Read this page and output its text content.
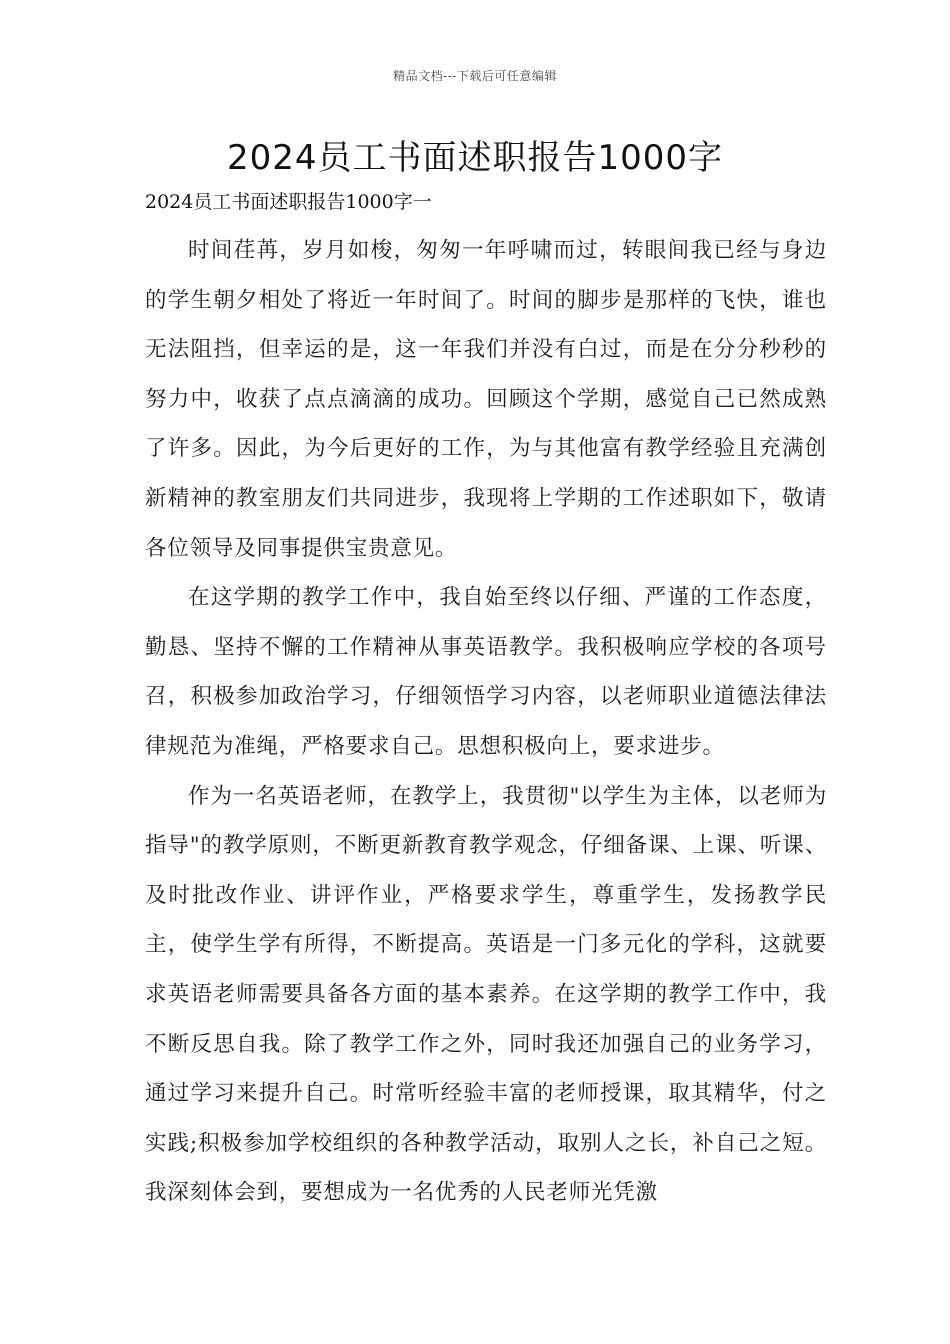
精品文档---下载后可任意编辑
2024员工书面述职报告1000字
2024员工书面述职报告1000字一

时间荏苒，岁月如梭，匆匆一年呼啸而过，转眼间我已经与身边的学生朝夕相处了将近一年时间了。时间的脚步是那样的飞快，谁也无法阻挡，但幸运的是，这一年我们并没有白过，而是在分分秒秒的努力中，收获了点点滴滴的成功。回顾这个学期，感觉自己已然成熟了许多。因此，为今后更好的工作，为与其他富有教学经验且充满创新精神的教室朋友们共同进步，我现将上学期的工作述职如下，敬请各位领导及同事提供宝贵意见。

在这学期的教学工作中，我自始至终以仔细、严谨的工作态度，勤恳、坚持不懈的工作精神从事英语教学。我积极响应学校的各项号召，积极参加政治学习，仔细领悟学习内容，以老师职业道德法律法律规范为准绳，严格要求自己。思想积极向上，要求进步。

作为一名英语老师，在教学上，我贯彻"以学生为主体，以老师为指导"的教学原则，不断更新教育教学观念，仔细备课、上课、听课、及时批改作业、讲评作业，严格要求学生，尊重学生，发扬教学民主，使学生学有所得，不断提高。英语是一门多元化的学科，这就要求英语老师需要具备各方面的基本素养。在这学期的教学工作中，我不断反思自我。除了教学工作之外，同时我还加强自己的业务学习，通过学习来提升自己。时常听经验丰富的老师授课，取其精华，付之实践;积极参加学校组织的各种教学活动，取别人之长，补自己之短。我深刻体会到，要想成为一名优秀的人民老师光凭激
